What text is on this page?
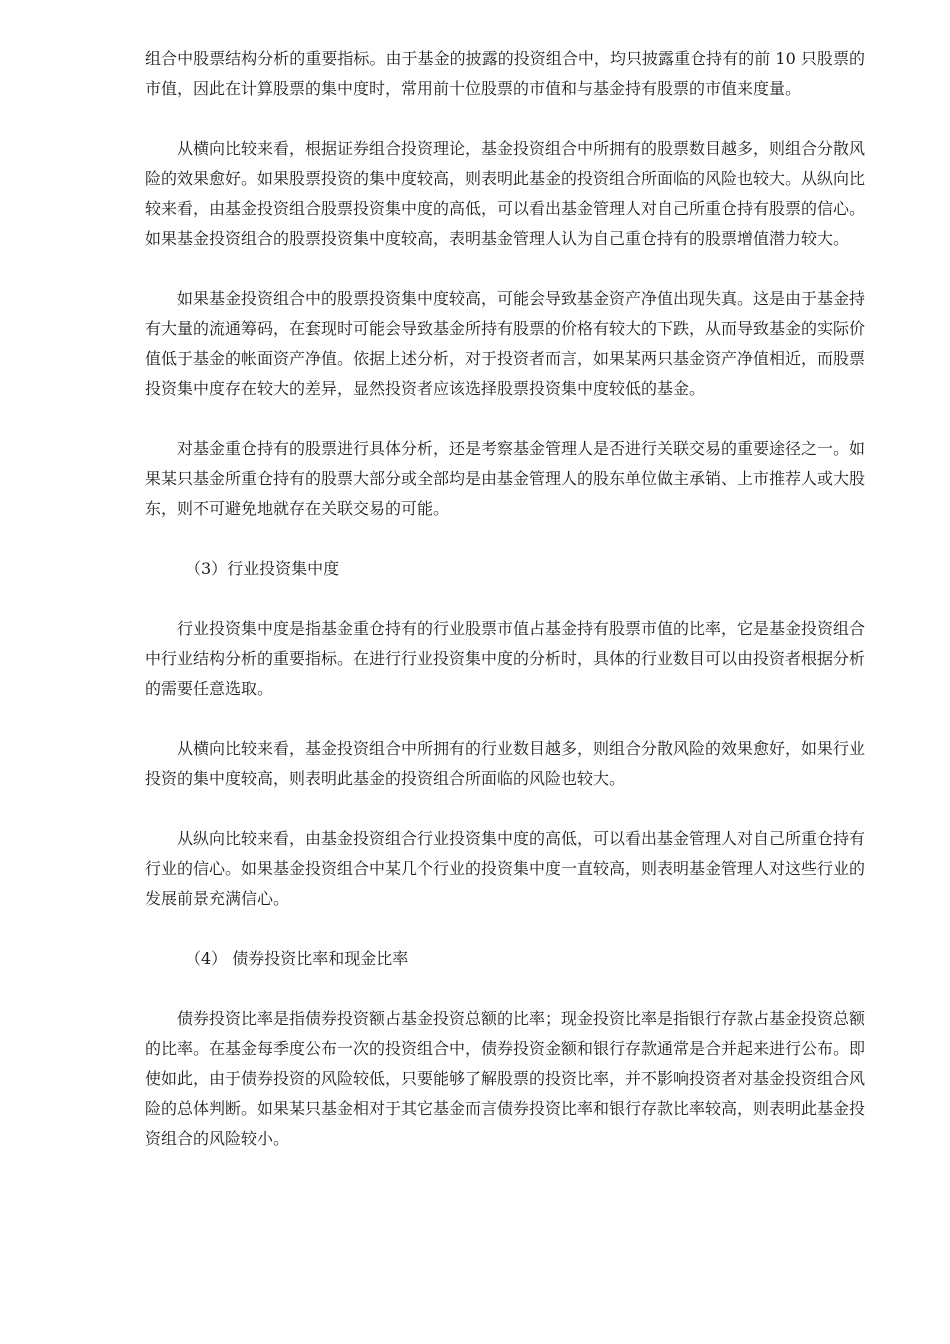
组合中股票结构分析的重要指标。由于基金的披露的投资组合中，均只披露重仓持有的前 10 只股票的市值，因此在计算股票的集中度时，常用前十位股票的市值和与基金持有股票的市值来度量。

从横向比较来看，根据证券组合投资理论，基金投资组合中所拥有的股票数目越多，则组合分散风险的效果愈好。如果股票投资的集中度较高，则表明此基金的投资组合所面临的风险也较大。从纵向比较来看，由基金投资组合股票投资集中度的高低，可以看出基金管理人对自己所重仓持有股票的信心。如果基金投资组合的股票投资集中度较高，表明基金管理人认为自己重仓持有的股票增值潜力较大。

如果基金投资组合中的股票投资集中度较高，可能会导致基金资产净值出现失真。这是由于基金持有大量的流通筹码，在套现时可能会导致基金所持有股票的价格有较大的下跌，从而导致基金的实际价值低于基金的帐面资产净值。依据上述分析，对于投资者而言，如果某两只基金资产净值相近，而股票投资集中度存在较大的差异，显然投资者应该选择股票投资集中度较低的基金。

对基金重仓持有的股票进行具体分析，还是考察基金管理人是否进行关联交易的重要途径之一。如果某只基金所重仓持有的股票大部分或全部均是由基金管理人的股东单位做主承销、上市推荐人或大股东，则不可避免地就存在关联交易的可能。

（3）行业投资集中度

行业投资集中度是指基金重仓持有的行业股票市值占基金持有股票市值的比率，它是基金投资组合中行业结构分析的重要指标。在进行行业投资集中度的分析时，具体的行业数目可以由投资者根据分析的需要任意选取。

从横向比较来看，基金投资组合中所拥有的行业数目越多，则组合分散风险的效果愈好，如果行业投资的集中度较高，则表明此基金的投资组合所面临的风险也较大。

从纵向比较来看，由基金投资组合行业投资集中度的高低，可以看出基金管理人对自己所重仓持有行业的信心。如果基金投资组合中某几个行业的投资集中度一直较高，则表明基金管理人对这些行业的发展前景充满信心。

（4） 债券投资比率和现金比率

债券投资比率是指债券投资额占基金投资总额的比率；现金投资比率是指银行存款占基金投资总额的比率。在基金每季度公布一次的投资组合中，债券投资金额和银行存款通常是合并起来进行公布。即使如此，由于债券投资的风险较低，只要能够了解股票的投资比率，并不影响投资者对基金投资组合风险的总体判断。如果某只基金相对于其它基金而言债券投资比率和银行存款比率较高，则表明此基金投资组合的风险较小。
